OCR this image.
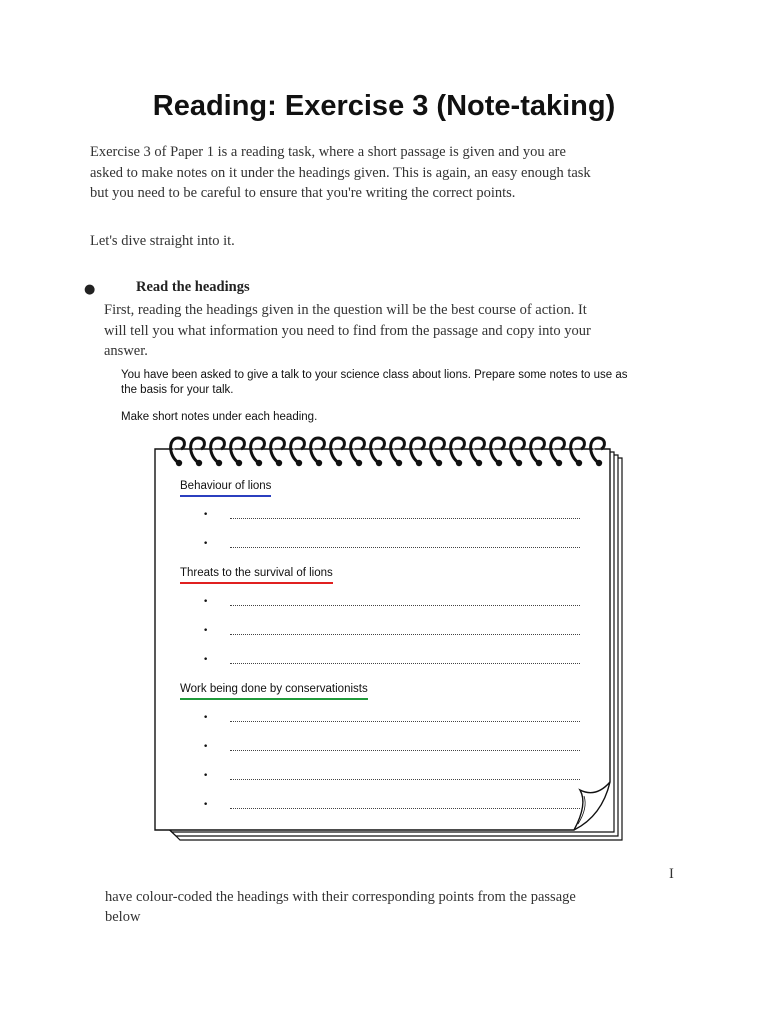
Reading: Exercise 3 (Note-taking)

Exercise 3 of Paper 1 is a reading task, where a short passage is given and you are
asked to make notes on it under the headings given. This is again, an easy enough task
but you need to be careful to ensure that you're writing the correct points.

Let's dive straight into it.

●	Read the headings

First, reading the headings given in the question will be the best course of action. It
will tell you what information you need to find from the passage and copy into your
answer.

You have been asked to give a talk to your science class about lions. Prepare some notes to use as
the basis for your talk.

Make short notes under each heading.

Behaviour of lions
•
•
Threats to the survival of lions
•
•
•
Work being done by conservationists
•
•
•
•
I

have colour-coded the headings with their corresponding points from the passage
below
